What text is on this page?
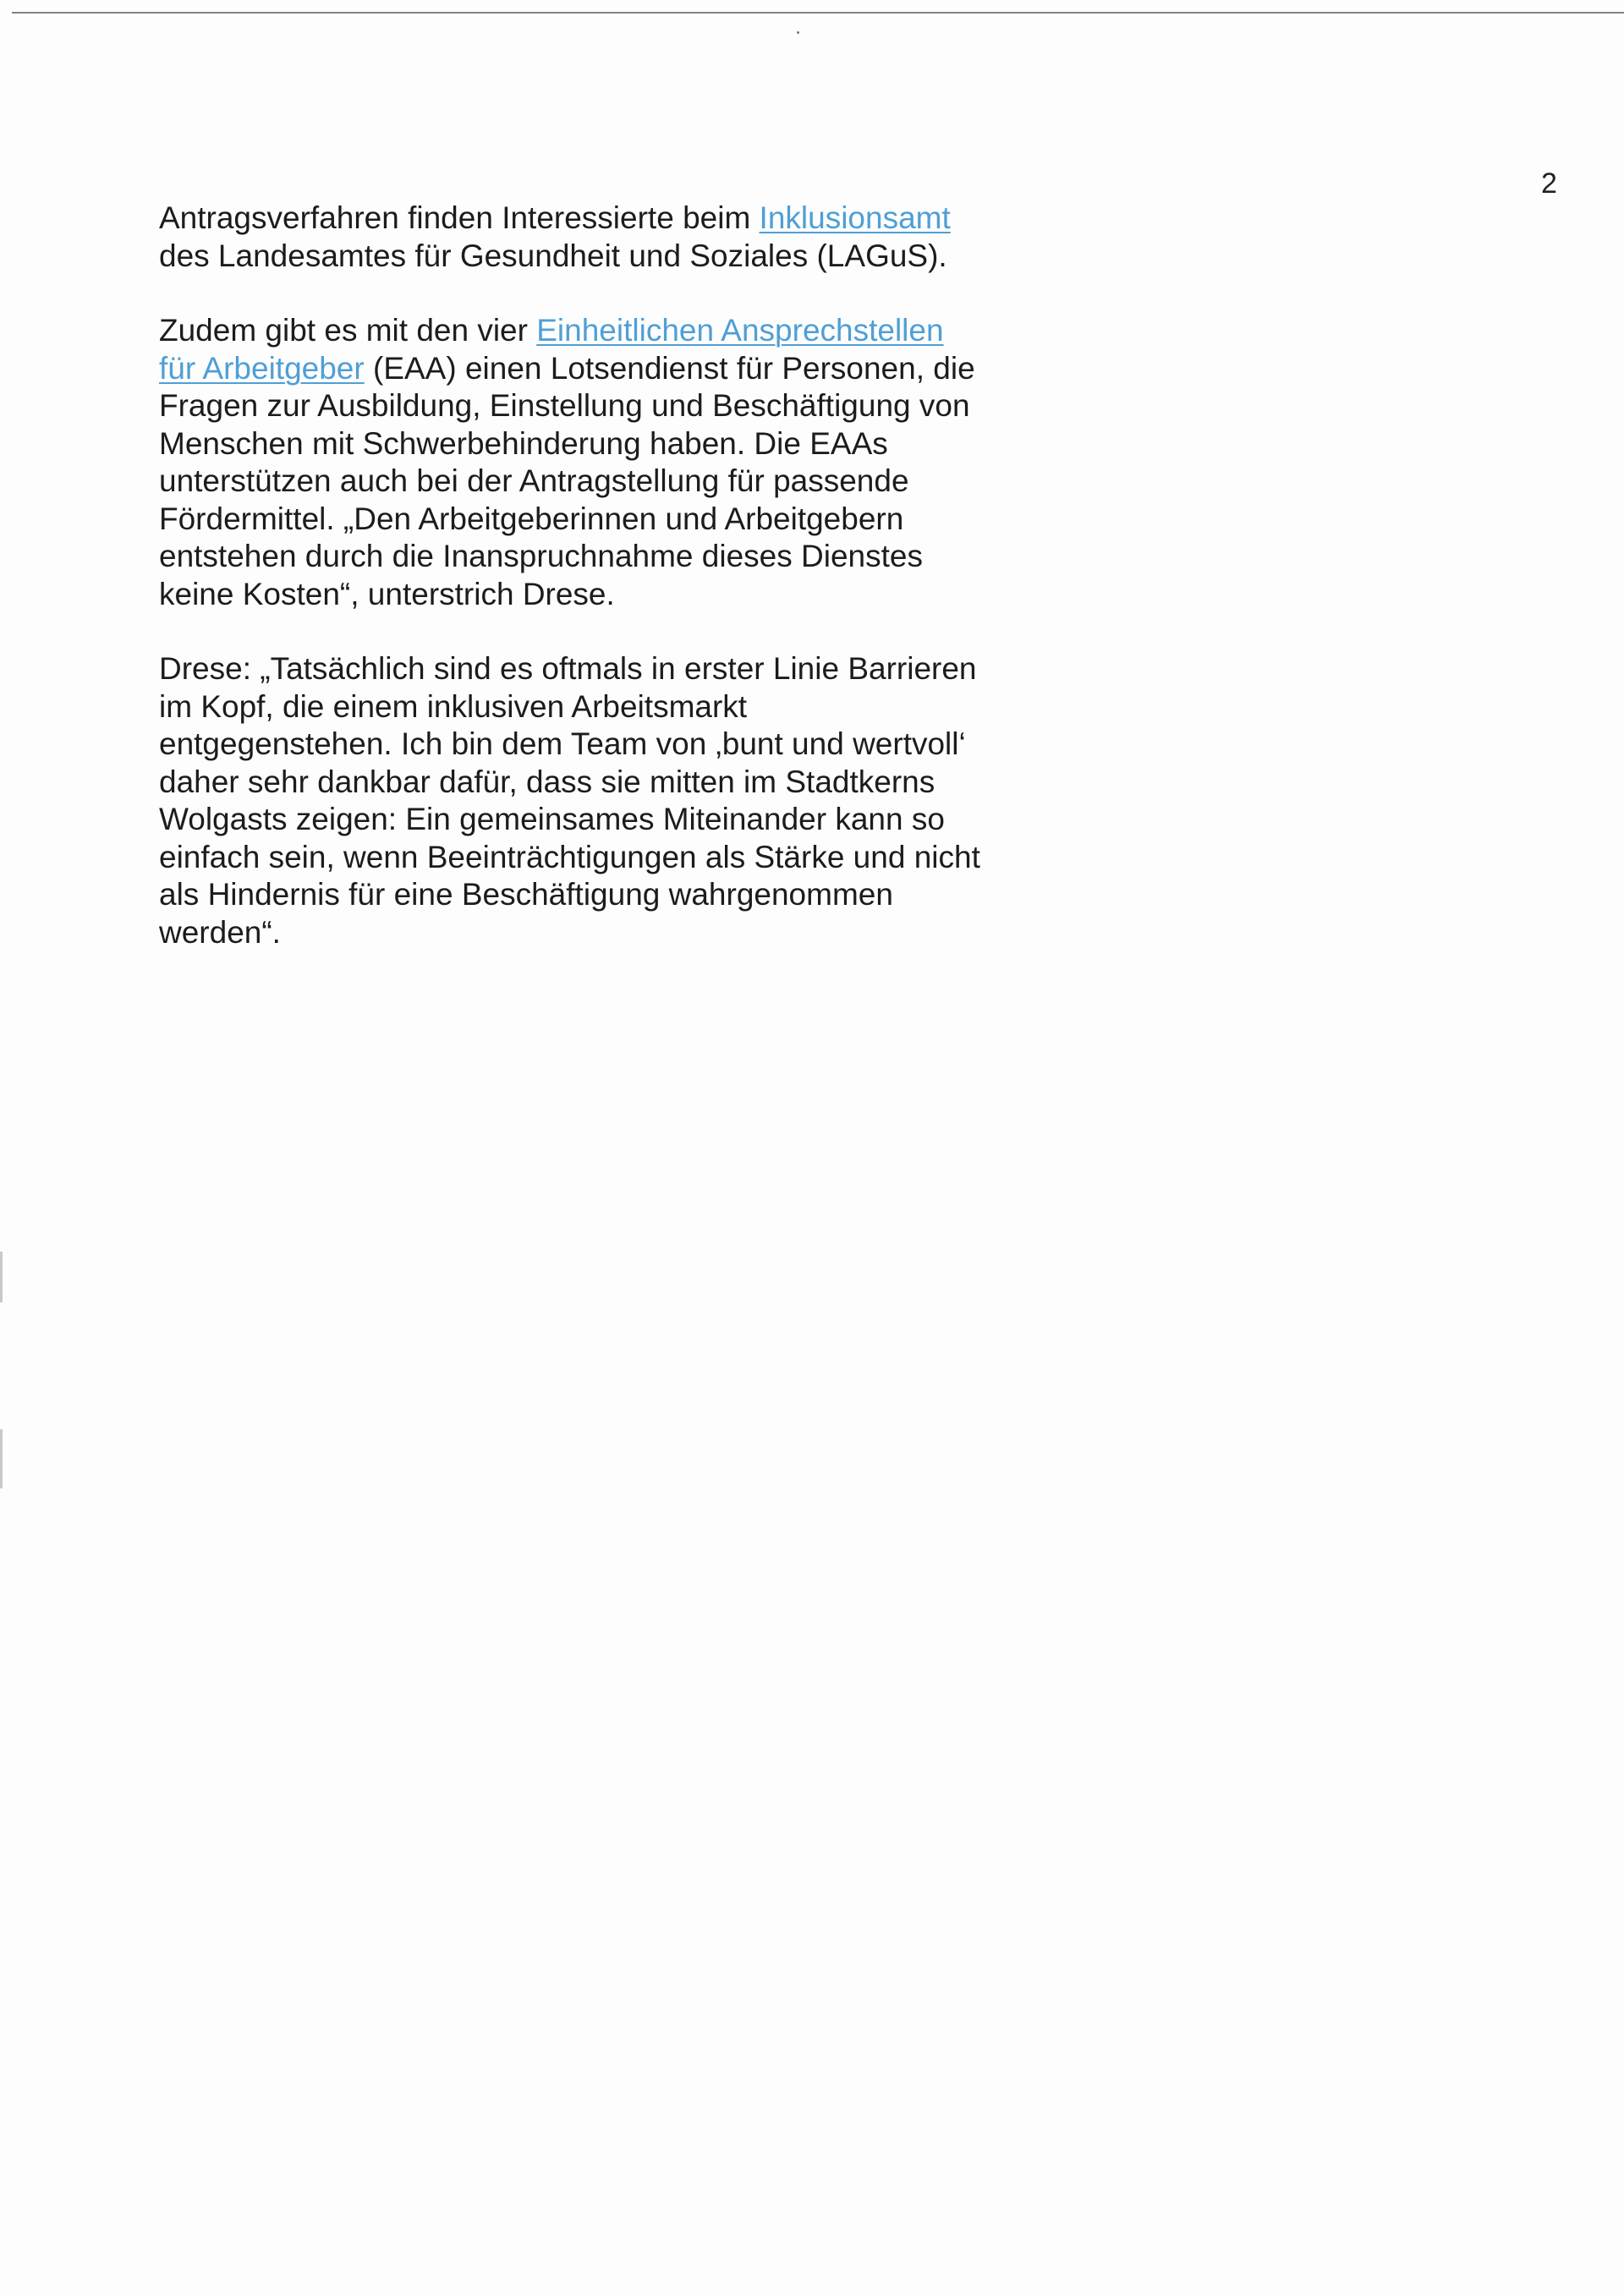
2

Antragsverfahren finden Interessierte beim Inklusionsamt
des Landesamtes für Gesundheit und Soziales (LAGuS).

Zudem gibt es mit den vier Einheitlichen Ansprechstellen
für Arbeitgeber (EAA) einen Lotsendienst für Personen, die
Fragen zur Ausbildung, Einstellung und Beschäftigung von
Menschen mit Schwerbehinderung haben. Die EAAs
unterstützen auch bei der Antragstellung für passende
Fördermittel. „Den Arbeitgeberinnen und Arbeitgebern
entstehen durch die Inanspruchnahme dieses Dienstes
keine Kosten“, unterstrich Drese.

Drese: „Tatsächlich sind es oftmals in erster Linie Barrieren
im Kopf, die einem inklusiven Arbeitsmarkt
entgegenstehen. Ich bin dem Team von ‚bunt und wertvoll‘
daher sehr dankbar dafür, dass sie mitten im Stadtkerns
Wolgasts zeigen: Ein gemeinsames Miteinander kann so
einfach sein, wenn Beeinträchtigungen als Stärke und nicht
als Hindernis für eine Beschäftigung wahrgenommen
werden“.
